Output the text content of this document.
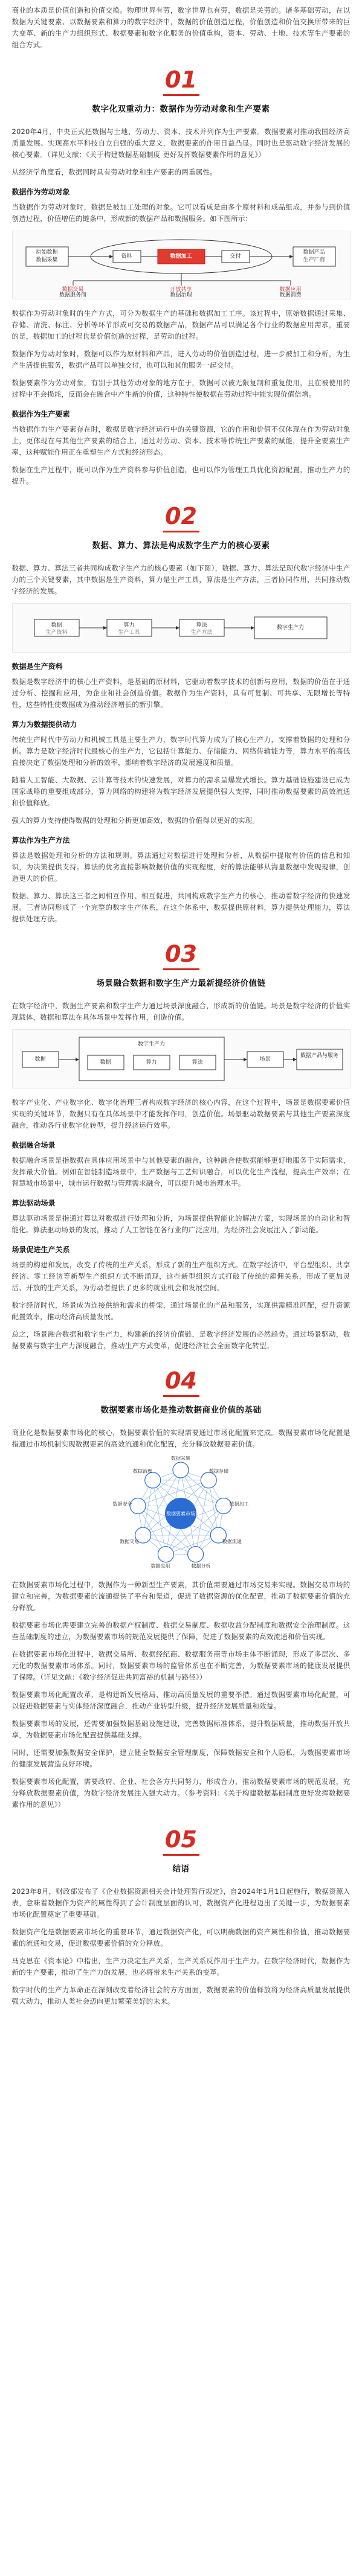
商业的本质是价值创造和价值交换。物理世界有劳，数字世界也有劳，数据是关劳的。诸多基础劳动，在以数据为关键要素、以数据要素和算力的数字经济中，数据的价值创造过程，价值创造和价值交换所带来的巨大变革、新的生产力组织形式、数据要素和数字化服务的价值重构，资本、劳动、土地、技术等生产要素的组合方式。

01
数字化双重动力：数据作为劳动对象和生产要素

2020年4月，中央正式把数据与土地、劳动力、资本、技术并列作为生产要素。数据要素对推动我国经济高质量发展、实现高水平科技自立自强的重大意义，数据要素的作用日益凸显。同时也是驱动数字经济发展的核心要素。（详见文献：《关于构建数据基础制度 更好发挥数据要素作用的意见》）

从经济学角度看，数据同时具有劳动对象和生产要素的两重属性。

数据作为劳动对象

当数据作为劳动对象时，数据是被加工处理的对象。它可以看成是由多个原材料和成品组成，并参与到价值创造过程，价值增值的链条中，形成新的数据产品和数据服务。如下图所示：

原始数据
数据采集
资料	数据加工	交付
数据产品
生产厂商
数据交易
数据服务商
开放共享
数据治理
数据应用
数据消费

数据作为劳动对象时的生产方式，可分为数据生产的基础和数据加工工序。该过程中，原始数据通过采集、存储、清洗、标注、分析等环节形成可交易的数据产品，数据产品可以满足各个行业的数据应用需求，重要的是，数据加工的过程也是价值创造的过程，是劳动的过程。

数据作为劳动对象时，数据可以作为原材料和产品，进入劳动的价值创造过程，进一步被加工和分析，为生产生活提供服务，数据产品可以单独交付，也可以和其他服务一起交付。

数据要素作为劳动对象，有别于其他劳动对象的地方在于，数据可以被无限复制和重复使用，且在被使用的过程中不会损耗，反而会在融合中产生新的价值，这种特性使数据在劳动过程中能实现价值倍增。

数据作为生产要素

当数据作为生产要素存在时，数据是数字经济运行中的关键资源，它的作用和价值不仅体现在作为劳动对象上，更体现在与其他生产要素的结合上，通过对劳动、资本、技术等传统生产要素的赋能，提升全要素生产率，这种赋能作用正在重塑生产方式和经济形态。

数据在生产过程中，既可以作为生产资料参与价值创造，也可以作为管理工具优化资源配置，推动生产力的提升。

02
数据、算力、算法是构成数字生产力的核心要素

数据、算力、算法三者共同构成数字生产力的核心要素（如下图），数据、算力、算法是现代数字经济中生产力的三个关键要素，其中数据是生产资料，算力是生产工具，算法是生产方法，三者协同作用，共同推动数字经济的发展。

数据
生产资料
算力
生产工具
算法
生产方法
数字生产力
数据是生产资料

数据是数字经济中的核心生产资料，是基础的原材料，它驱动着数字技术的创新与应用，数据的价值在于通过分析、挖掘和应用，为企业和社会创造价值。数据作为生产资料，具有可复制、可共享、无限增长等特性，这些特性使数据成为推动经济增长的新引擎。

算力为数据提供动力

传统生产时代中劳动力和机械工具是主要生产力，数字时代算力成为了核心生产力，支撑着数据的处理和分析。算力是数字经济时代最核心的生产力，它包括计算能力、存储能力、网络传输能力等，算力水平的高低直接决定了数据处理和分析的效率，影响着数字经济的发展速度和质量。

随着人工智能、大数据、云计算等技术的快速发展，对算力的需求呈爆发式增长。算力基础设施建设已成为国家战略的重要组成部分，算力网络的构建将为数字经济发展提供强大支撑，同时推动数据要素的高效流通和价值释放。

强大的算力支持使得数据的处理和分析更加高效，数据的价值得以更好的实现。

算法作为生产方法

算法是数据处理和分析的方法和规则。算法通过对数据进行处理和分析，从数据中提取有价值的信息和知识，为决策提供支持。算法的优劣直接影响数据价值的实现程度，好的算法能够从海量数据中发现规律，创造更大的价值。

数据、算力、算法这三者之间相互作用、相互促进，共同构成数字生产力的核心，推动着数字经济的快速发展。三者协同形成了一个完整的数字生产体系，在这个体系中，数据提供原材料，算力提供处理能力，算法提供处理方法。

03
场景融合数据和数字生产力最新提经济价值链

在数字经济中，数据生产要素和数字生产力通过场景深度融合，形成新的价值链。场景是数字经济的价值实现载体，数据和算法在具体场景中发挥作用，创造价值。

数据
数字生产力
数据	算力	算法	场景
数据产品与服务

数字产业化、产业数字化、数字化治理三者构成数字经济的核心内容，在这个过程中，场景是数据要素价值实现的关键环节，数据只有在具体场景中才能发挥作用，创造价值。场景驱动数据要素与其他生产要素深度融合，推动各行业数字化转型，提升经济运行效率。

数据融合场景

数据融合场景是指数据在具体应用场景中与其他要素的融合，这种融合使数据能够更好地服务于实际需求，发挥最大价值。例如在智能制造场景中，生产数据与工艺知识融合，可以优化生产流程，提高生产效率；在智慧城市场景中，城市运行数据与管理需求融合，可以提升城市治理水平。

算法驱动场景

算法驱动场景是指通过算法对数据进行处理和分析，为场景提供智能化的解决方案，实现场景的自动化和智能化。算法驱动场景的发展，推动了人工智能在各行业的广泛应用，为经济社会发展注入了新动能。

场景促进生产关系

场景的构建和发展，改变了传统的生产关系，形成了新的生产组织方式。在数字经济中，平台型组织、共享经济、零工经济等新型生产组织方式不断涌现，这些新型组织方式打破了传统的雇佣关系，形成了更加灵活、开放的生产关系，为劳动者提供了更多的就业机会和发展空间。

数字经济时代，场景成为连接供给和需求的桥梁，通过场景化的产品和服务，实现供需精准匹配，提升资源配置效率，推动经济高质量发展。

总之，场景融合数据和数字生产力，构建新的经济价值链，是数字经济发展的必然趋势。通过场景驱动，数据要素与数字生产力深度融合，推动生产方式变革，促进经济社会全面数字化转型。

04
数据要素市场化是推动数据商业价值的基础

商业化是数据要素市场化的核心，数据要素价值的实现需要通过市场化配置来完成。数据要素市场化配置是指通过市场机制实现数据要素的高效流通和优化配置，充分释放数据要素价值。

数据要素市场
数据采集
数据存储
数据加工
数据流通
数据分析
数据应用
数据交易
数据安全
数据治理

在数据要素市场化过程中，数据作为一种新型生产要素，其价值需要通过市场交易来实现。数据交易市场的建立和完善，为数据要素的流通提供了平台和渠道，促进了数据资源的优化配置，推动了数据要素价值的充分释放。

数据要素市场化需要建立完善的数据产权制度、数据交易制度、数据收益分配制度和数据安全治理制度。这些基础制度的建立，为数据要素市场的规范发展提供了保障，促进了数据要素的高效流通和价值实现。

在数据要素市场化进程中，数据交易所、数据经纪商、数据服务商等市场主体不断涌现，形成了多层次、多元化的数据要素市场体系。同时，数据要素市场的监管体系也在不断完善，为数据要素市场的健康发展提供了保障。（详见文献：《数字经济促进共同富裕的机制与路径》）

数据要素市场化配置改革，是构建新发展格局、推动高质量发展的重要举措。通过数据要素市场化配置，可以促进数据要素与实体经济深度融合，推动产业转型升级，提升经济发展质量和效益。

数据要素市场的发展，还需要加强数据基础设施建设，完善数据标准体系，提升数据质量，推动数据开放共享，为数据要素市场化配置提供基础支撑。

同时，还需要加强数据安全保护，建立健全数据安全管理制度，保障数据安全和个人隐私，为数据要素市场的健康发展营造良好环境。

数据要素市场化配置，需要政府、企业、社会各方共同努力，形成合力，推动数据要素市场的规范发展，充分释放数据要素价值，为数字经济发展注入强大动力。（参考资料：《关于构建数据基础制度更好发挥数据要素作用的意见》）

05
结语

2023年8月，财政部发布了《企业数据资源相关会计处理暂行规定》，自2024年1月1日起施行，数据资源入表，意味着数据作为资产的属性得到了会计制度层面的认可，数据资产化进程迈出了关键一步，为数据要素市场化配置奠定了重要基础。

数据资产化是数据要素市场化的重要环节，通过数据资产化，可以明确数据的资产属性和价值，推动数据要素的流通和交易，促进数据要素价值的充分释放。

马克思在《资本论》中指出，生产力决定生产关系，生产关系反作用于生产力。在数字经济时代，数据作为新的生产要素，推动了生产力的发展，也必将带来生产关系的变革。

数字时代的生产力革命正在深刻改变着经济社会的方方面面，数据要素的价值释放将为经济高质量发展提供强大动力，推动人类社会迈向更加繁荣美好的未来。
